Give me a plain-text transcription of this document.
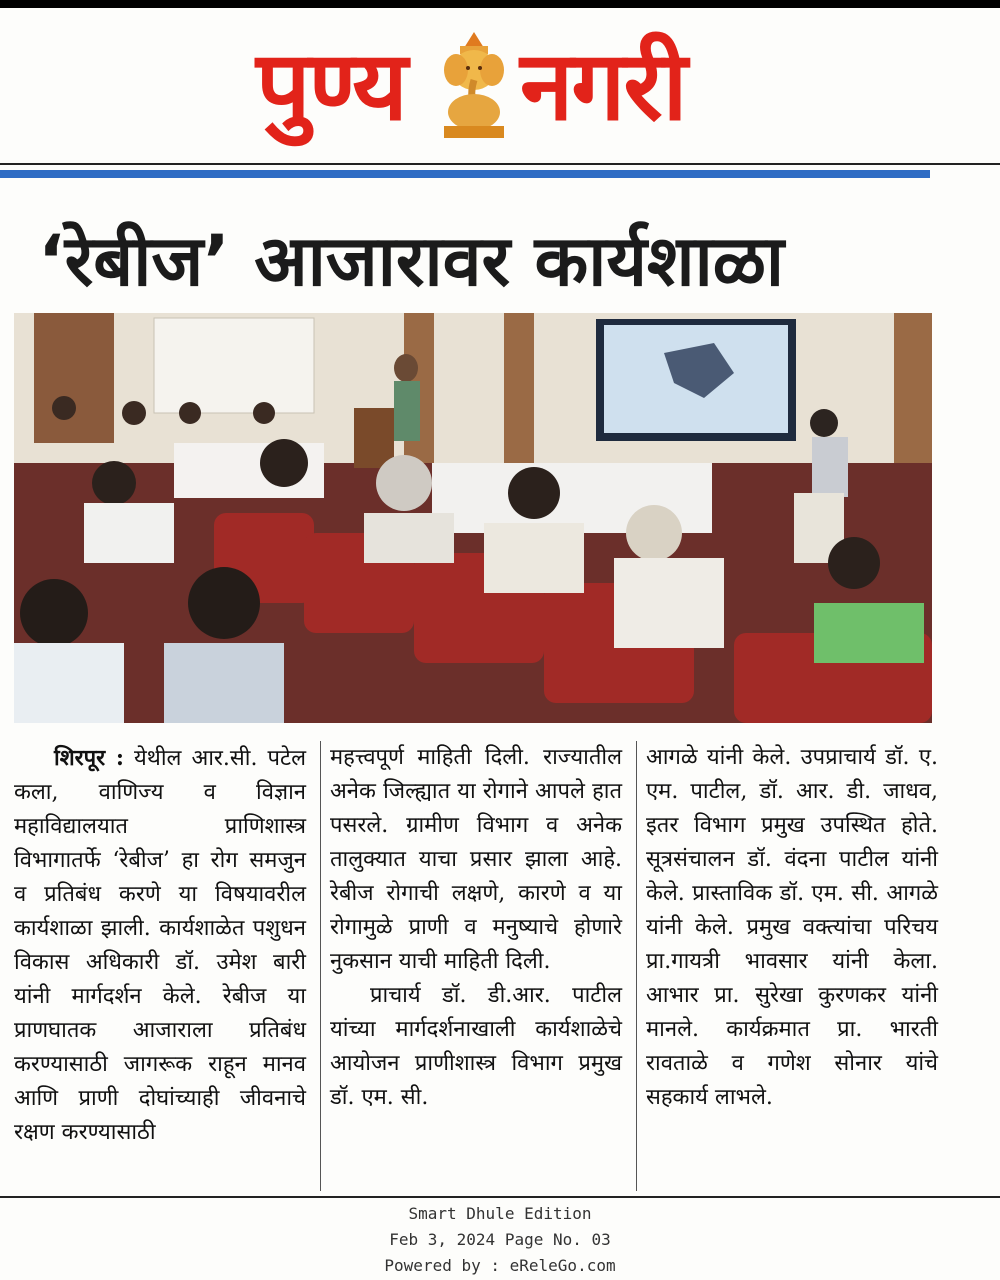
पुण्य नगरी
‘रेबीज’ आजारावर कार्यशाळा

शिरपूर : येथील आर.सी. पटेल कला, वाणिज्य व विज्ञान महाविद्यालयात प्राणिशास्त्र विभागातर्फे ‘रेबीज’ हा रोग समजुन व प्रतिबंध करणे या विषयावरील कार्यशाळा झाली. कार्यशाळेत पशुधन विकास अधिकारी डॉ. उमेश बारी यांनी मार्गदर्शन केले. रेबीज या प्राणघातक आजाराला प्रतिबंध करण्यासाठी जागरूक राहून मानव आणि प्राणी दोघांच्याही जीवनाचे रक्षण करण्यासाठी

महत्त्वपूर्ण माहिती दिली. राज्यातील अनेक जिल्ह्यात या रोगाने आपले हात पसरले. ग्रामीण विभाग व अनेक तालुक्यात याचा प्रसार झाला आहे. रेबीज रोगाची लक्षणे, कारणे व या रोगामुळे प्राणी व मनुष्याचे होणारे नुकसान याची माहिती दिली.

प्राचार्य डॉ. डी.आर. पाटील यांच्या मार्गदर्शनाखाली कार्यशाळेचे आयोजन प्राणीशास्त्र विभाग प्रमुख डॉ. एम. सी.

आगळे यांनी केले. उपप्राचार्य डॉ. ए. एम. पाटील, डॉ. आर. डी. जाधव, इतर विभाग प्रमुख उपस्थित होते. सूत्रसंचालन डॉ. वंदना पाटील यांनी केले. प्रास्ताविक डॉ. एम. सी. आगळे यांनी केले. प्रमुख वक्त्यांचा परिचय प्रा.गायत्री भावसार यांनी केला. आभार प्रा. सुरेखा कुरणकर यांनी मानले. कार्यक्रमात प्रा. भारती रावताळे व गणेश सोनार यांचे सहकार्य लाभले.

Smart Dhule Edition
Feb 3, 2024 Page No. 03
Powered by : eReleGo.com
